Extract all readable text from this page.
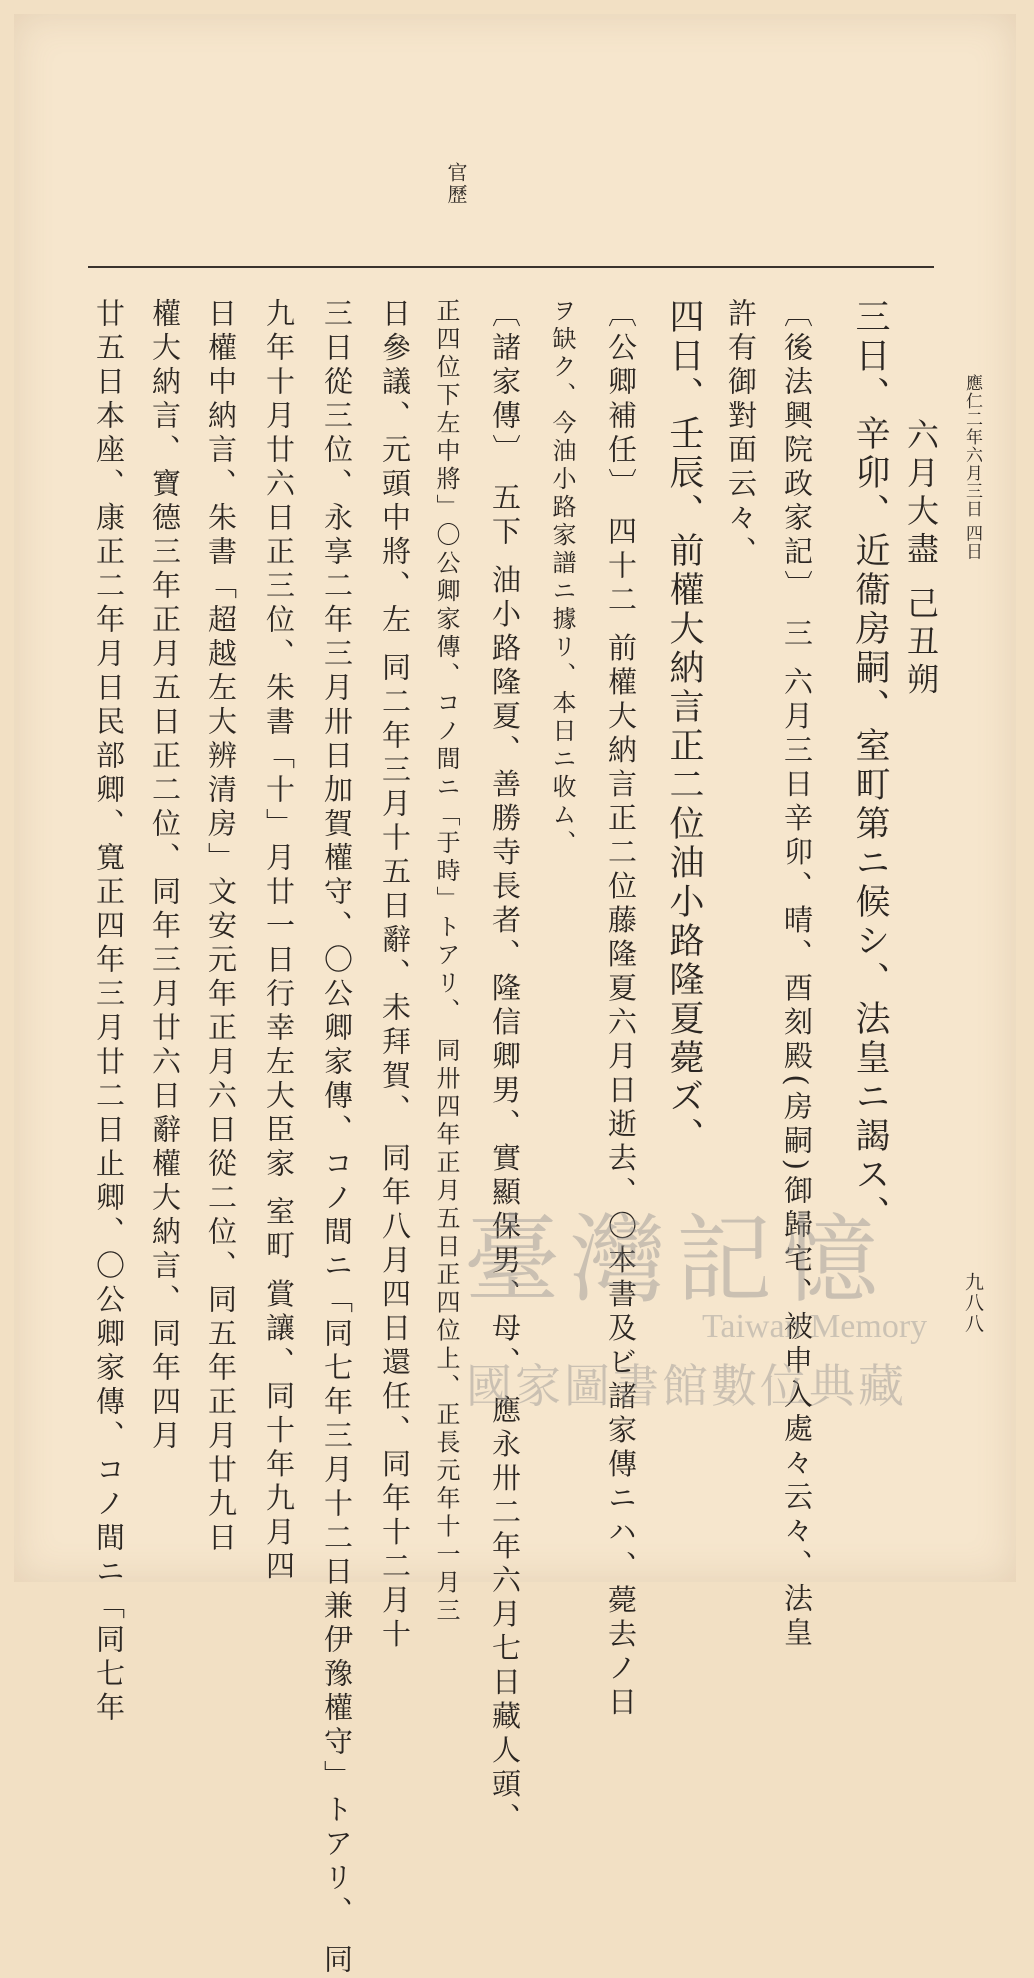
官歷
應仁二年六月三日 四日
九八八
六月大盡 己丑朔
三日、辛卯、近衞房嗣、室町第ニ候シ、法皇ニ謁ス、
〔後法興院政家記〕 三 六月三日辛卯、晴、酉刻殿(房嗣)御歸宅、被申入處々云々、法皇
許有御對面云々、
四日、壬辰、前權大納言正二位油小路隆夏薨ズ、
〔公卿補任〕 四十二 前權大納言正二位藤隆夏六月日逝去、〇本書及ビ諸家傳ニハ、薨去ノ日
ヲ缺ク、今油小路家譜ニ據リ、本日ニ收ム、
〔諸家傳〕 五下 油小路隆夏、善勝寺長者、隆信卿男、實顯保男、母、 應永卅二年六月七日藏人頭、
正四位下左中將」〇公卿家傳、コノ間ニ「于時」トアリ、 同卅四年正月五日正四位上、正長元年十一月三
日參議、元頭中將、左 同二年三月十五日辭、未拜賀、 同年八月四日還任、同年十二月十
三日從三位、永享二年三月卅日加賀權守、〇公卿家傳、コノ間ニ「同七年三月十二日兼伊豫權守」トアリ、 同
九年十月廿六日正三位、朱書「十」月廿一日行幸左大臣家 室町 賞讓、同十年九月四
日權中納言、朱書「超越左大辨清房」文安元年正月六日從二位、同五年正月廿九日
權大納言、寶德三年正月五日正二位、同年三月廿六日辭權大納言、同年四月
廿五日本座、康正二年月日民部卿、寬正四年三月廿二日止卿、〇公卿家傳、コノ間ニ「同七年	臺灣記憶
Taiwan Memory
國家圖書館數位典藏
